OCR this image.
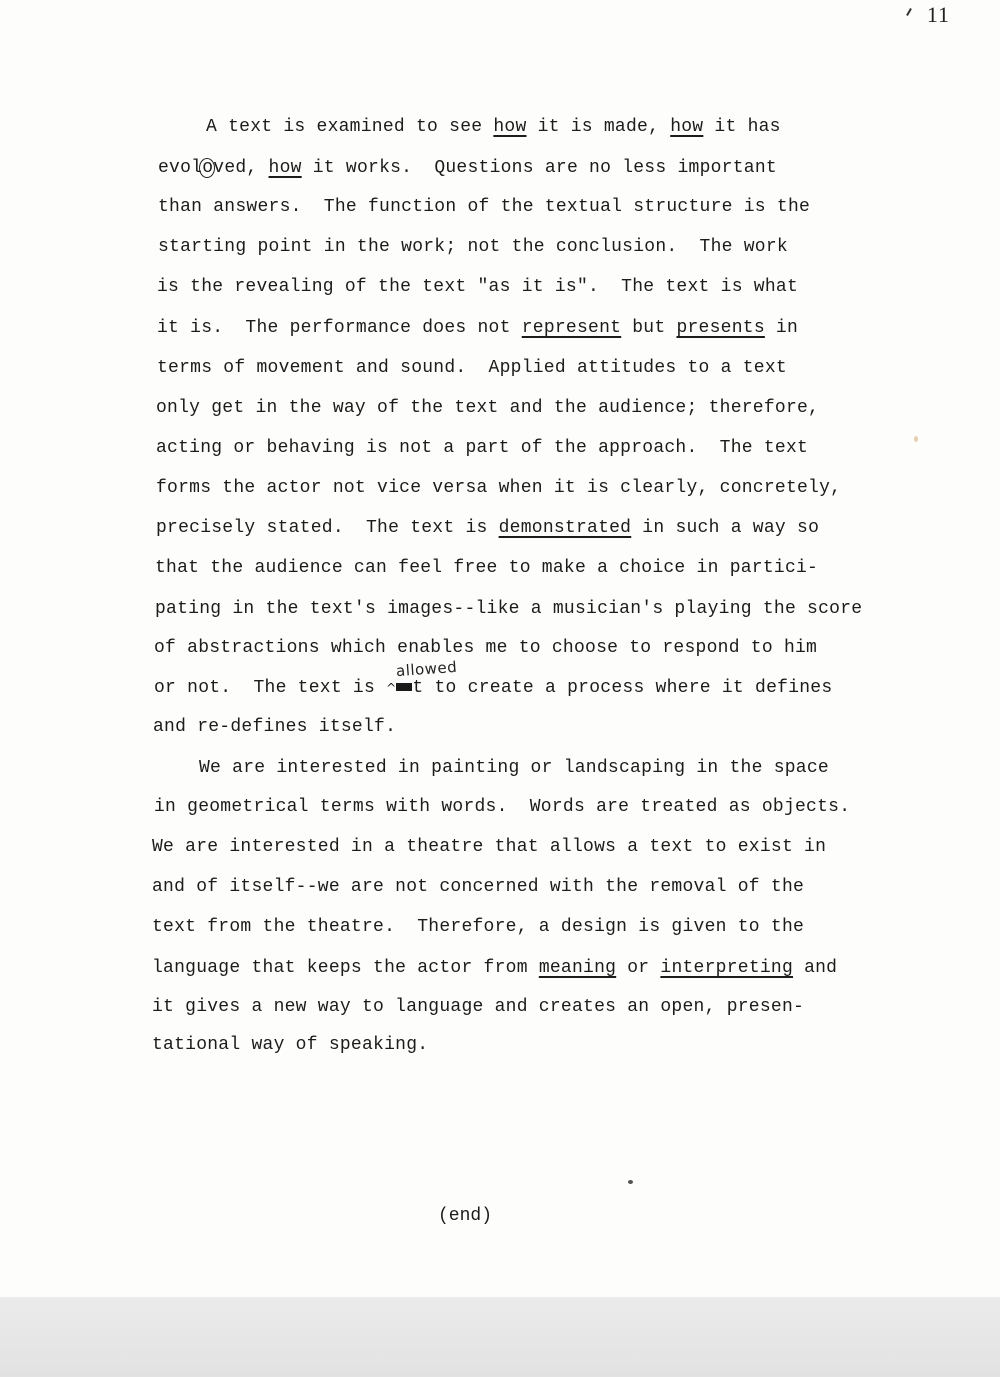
11
A text is examined to see how it is made, how it has
evoloved, how it works.  Questions are no less important
than answers.  The function of the textual structure is the
starting point in the work; not the conclusion.  The work
is the revealing of the text "as it is".  The text is what
it is.  The performance does not represent but presents in
terms of movement and sound.  Applied attitudes to a text
only get in the way of the text and the audience; therefore,
acting or behaving is not a part of the approach.  The text
forms the actor not vice versa when it is clearly, concretely,
precisely stated.  The text is demonstrated in such a way so
that the audience can feel free to make a choice in partici-
pating in the text's images--like a musician's playing the score
of abstractions which enables me to choose to respond to him
or not.  The text is ^ t to create a process where it defines
and re-defines itself.
allowed
We are interested in painting or landscaping in the space
in geometrical terms with words.  Words are treated as objects.
We are interested in a theatre that allows a text to exist in
and of itself--we are not concerned with the removal of the
text from the theatre.  Therefore, a design is given to the
language that keeps the actor from meaning or interpreting and
it gives a new way to language and creates an open, presen-
tational way of speaking.
(end)
